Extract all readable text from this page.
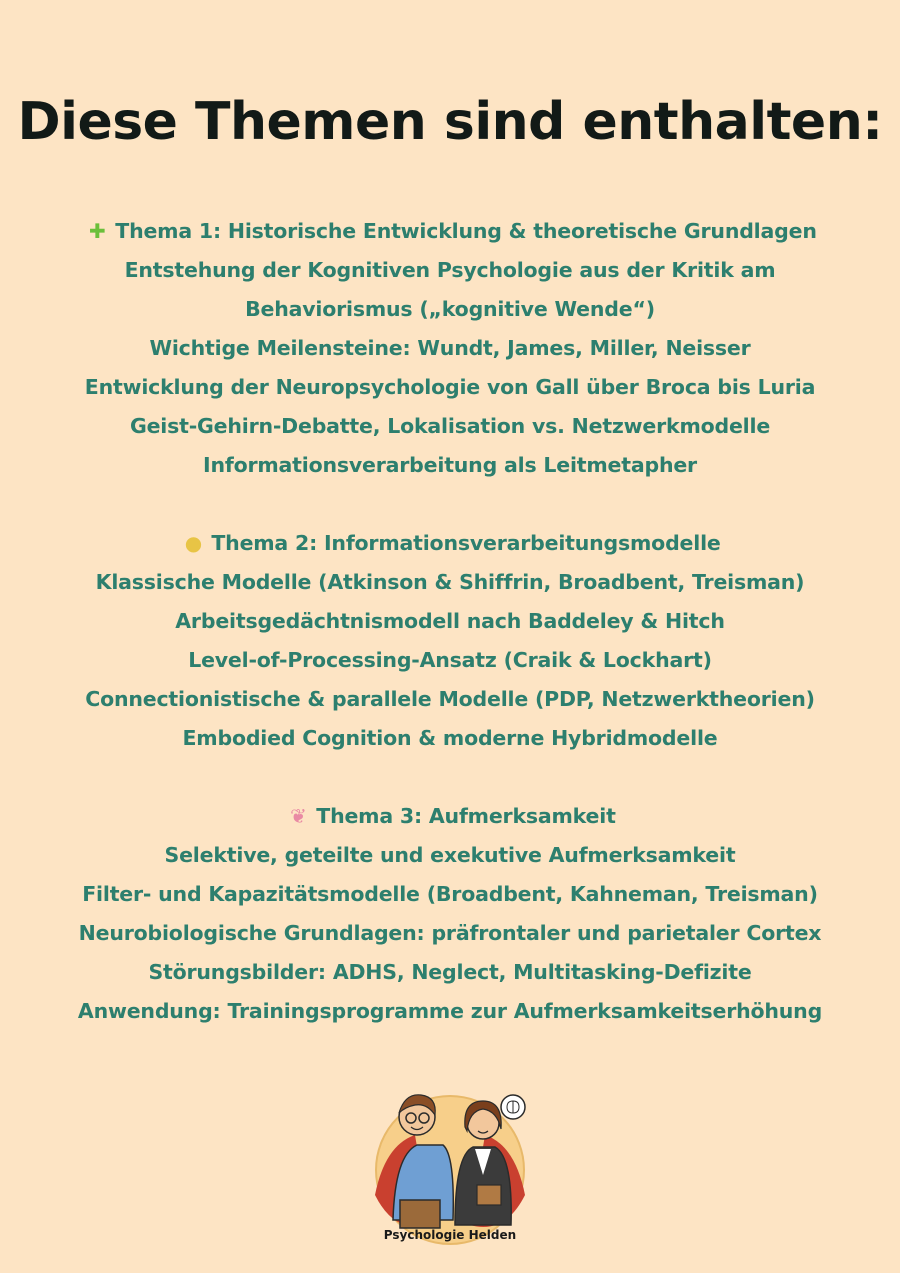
Diese Themen sind enthalten:
✚ Thema 1: Historische Entwicklung & theoretische Grundlagen
Entstehung der Kognitiven Psychologie aus der Kritik am
Behaviorismus („kognitive Wende“)
Wichtige Meilensteine: Wundt, James, Miller, Neisser
Entwicklung der Neuropsychologie von Gall über Broca bis Luria
Geist-Gehirn-Debatte, Lokalisation vs. Netzwerkmodelle
Informationsverarbeitung als Leitmetapher
● Thema 2: Informationsverarbeitungsmodelle
Klassische Modelle (Atkinson & Shiffrin, Broadbent, Treisman)
Arbeitsgedächtnismodell nach Baddeley & Hitch
Level-of-Processing-Ansatz (Craik & Lockhart)
Connectionistische & parallele Modelle (PDP, Netzwerktheorien)
Embodied Cognition & moderne Hybridmodelle
❦ Thema 3: Aufmerksamkeit
Selektive, geteilte und exekutive Aufmerksamkeit
Filter- und Kapazitätsmodelle (Broadbent, Kahneman, Treisman)
Neurobiologische Grundlagen: präfrontaler und parietaler Cortex
Störungsbilder: ADHS, Neglect, Multitasking-Defizite
Anwendung: Trainingsprogramme zur Aufmerksamkeitserhöhung
Psychologie Helden
